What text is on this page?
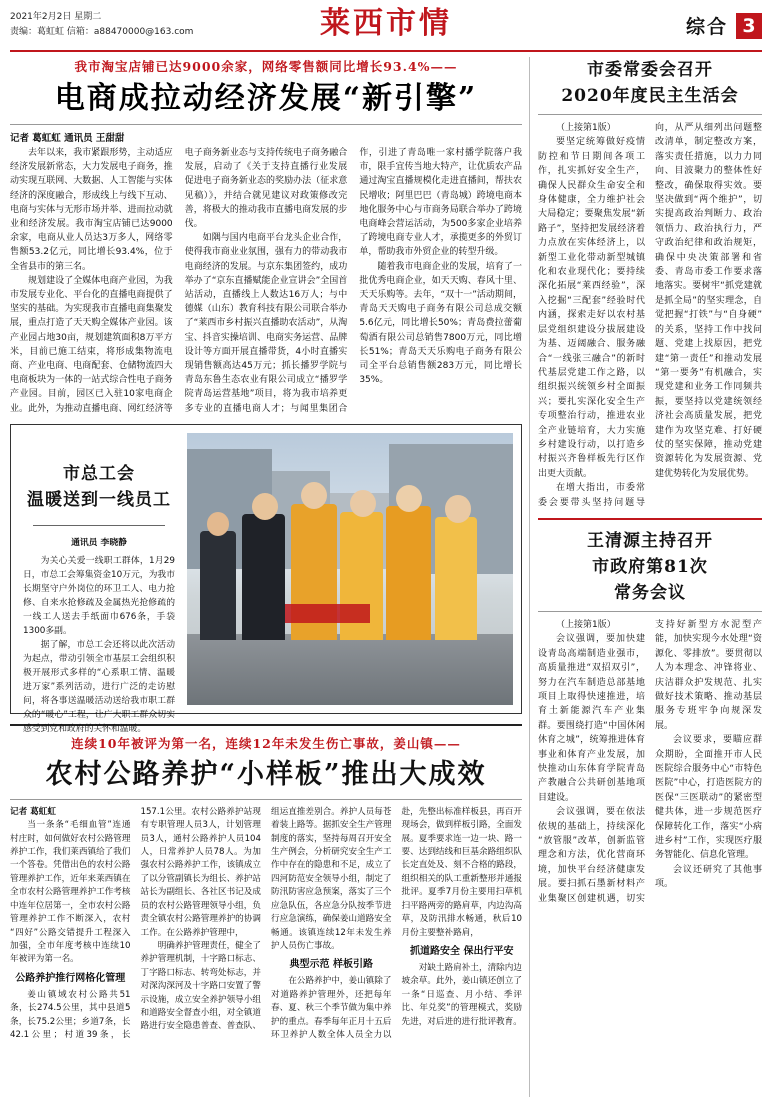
2021年2月2日 星期二
责编：葛虹虹 信箱：a88470000@163.com	莱西市情	综合 3
我市淘宝店铺已达9000余家，网络零售额同比增长93.4%——
电商成拉动经济发展“新引擎”
记者 葛虹虹 通讯员 王甜甜

去年以来，我市紧跟形势，主动适应经济发展新常态，大力发展电子商务，推动实现互联网、大数据、人工智能与实体经济的深度融合，形成线上与线下互动、电商与实体与无形市场并举、进而拉动就业和经济发展。我市淘宝店铺已达9000余家，电商从业人员达3万多人，网络零售额53.2亿元，同比增长93.4%，位于全省县市的第三名。

规划建设了全媒体电商产业园，为我市发展专业化、平台化的直播电商提供了坚实的基础。为实现我市直播电商集聚发展，重点打造了天天购全媒体产业园。该产业园占地30亩，规划建筑面积8万平方米，目前已施工结束，将形成集物流电商、产业电商、电商配套、仓储物流四大电商板块为一体的一站式综合性电子商务产业园。目前，园区已入驻10家电商企业。此外，为推动直播电商、网红经济等电子商务新业态与支持传统电子商务融合发展，启动了《关于支持直播行业发展 促进电子商务新业态的奖励办法（征求意见稿）》，并结合就见建议对政策修改完善，将极大的推动我市直播电商发展的步伐。

如隅与国内电商平台龙头企业合作，使得我市商业业氛围，强有力的带动我市电商经济的发展。与京东集团签约，成功举办了“京东直播赋能企业宣讲会”全国首站活动，直播线上人数达16万人；与中德媒（山东）教育科技有限公司联合举办了“莱西市乡村振兴直播助农活动”，从淘宝、抖音实操培训、电商实务运营、品牌设计等方面开展直播带货，4小时直播实现销售额高达45万元；抓长播罗学院与青岛东鲁生态农业有限公司成立“播罗学院青岛运营基地”项目，将为我市培养更多专业的直播电商人才；与闻里集团合作，引进了青岛唯一家村播学院落户我市，限手宜传当地大特产，让优质农产品通过淘宝直播规模化走进直播间，帮扶农民增收；阿里巴巴（青岛城）跨境电商本地化服务中心与市商务局联合举办了跨境电商峰会营运活动，为500多家企业培养了跨境电商专业人才，承揽更多的外贸订单，帮助我市外贸企业的转型升级。

随着我市电商企业的发展，培育了一批优秀电商企业，如天天购、春风十里、天天乐购等。去年，“双十一”活动期间，青岛天天购电子商务有限公司总成交额5.6亿元，同比增长50%；青岛费拉蕾葡萄酒有限公司总销售7800万元，同比增长51%；青岛天天乐购电子商务有限公司全平台总销售额283万元，同比增长35%。

市总工会
温暖送到一线员工

通讯员 李晓静

为关心关爱一线职工群体，1月29日，市总工会筹集资金10万元，为我市长期坚守户外岗位的环卫工人、电力抢修、自来水抢修疏及金属热光抢修疏的一线工人送去手纸面巾676条，手袋1300多副。

据了解，市总工会还将以此次活动为起点，带动引领全市基层工会组织积极开展形式多样的“心系职工情、温暖进万家”系列活动，进行广泛的走访慰问，将各事送温暖活动送给我市职工群众的“暖心”工程，让广大职工群众切实感受到党和政府的关怀和温暖。

连续10年被评为第一名，连续12年未发生伤亡事故，姜山镇——
农村公路养护“小样板”推出大成效

记者 葛虹虹

当一条条“毛细血管”连通村庄时，如何做好农村公路管理养护工作，我们莱西镇给了我们一个答卷。凭借出色的农村公路管理养护工作，近年来莱西镇在全市农村公路管理养护工作考核中连年位居第一，全市农村公路管理养护工作不断深入，农村“四好”公路交错提升工程深入加强，全市年度考核中连续10年被评为第一名。

公路养护推行网格化管理

姜山镇域农村公路共51条，长274.5公里，其中县道5条，长75.2公里；乡道7条，长42.1公里；村道39条，长157.1公里。农村公路养护站现有专职管理人员3人，计划管理员3人，通村公路养护人员104人，日常养护人员78人。为加强农村公路养护工作，该镇成立了以分管副镇长为组长、养护站站长为副组长、各社区书记及成员的农村公路管理领导小组，负责全镇农村公路管理养护的协调工作。在公路养护管理中，

明确养护管理责任，健全了养护管理机制，十字路口标志、丁字路口标志、转弯处标志，并对深沟深河及十字路口安置了警示设施，成立安全养护领导小组和道路安全督查小组，对全镇道路进行安全隐患普查、普查队、组运直推差别合。养护人员每苍着装上路等。据抓安全生产管理制度的落实，坚持每周召开安全生产例会，分析研究安全生产工作中存在的隐患和不足，成立了四河防范安全领导小组，制定了防汛防害应急预案，落实了三个应急队伍，各应急分队按季节进行应急演练，确保姜山道路安全畅通。该镇连续12年未发生养护人员伤亡事故。

典型示范 样板引路

在公路养护中，姜山镇除了对道路养护管理外，还把每年春、夏、秋三个季节做为集中养护的重点。春季每年正月十五后环卫养护人数全体人员全力以赴，先整出标准样板县，再百开现场会，做到样板引路，全面发展。夏季要求连一边一块、路一要、达到结线和巨基余路组织队长定直处及、刻不合格的路段，组织相关的队工重新整形并通报批评。夏季7月份主要用扫草机扫平路两旁的路肩草，内边沟高草，及防汛排水畅通，秋后10月份主要整补路肩，

抓道路安全 保出行平安

对缺土路肩补土，清除内边坡余草。此外，姜山镇还创立了一条“日巡查、月小结、季评比、年兑奖”的管理模式，奖励先进，对后进的进行批评教育。

市委常委会召开
2020年度民主生活会

（上接第1版）

要坚定统筹做好疫情防控和节日期间各项工作，扎实抓好安全生产，确保人民群众生命安全和身体健康，全力维护社会大局稳定；要聚焦发展“新路子”，坚持把发展经济着力点放在实体经济上，以新型工业化带动新型城镇化和农业现代化；要持续深化拓展“莱西经验”，深入挖掘“三配套”经验时代内涵，探索走好以农村基层党组织建设分拔展建设为基、迈阔融合、服务融合“一线张三融合”的新时代基层党建工作之路，以组织振兴统领乡村全面振兴；要扎实深化安全生产专项整治行动，推进农业全产业链培育，大力实施乡村建设行动，以打造乡村振兴齐鲁样板先行区作出更大贡献。

在增大指出，市委常委会要带头坚持问题导向，从严从细列出问题整改清单，制定整改方案，落实责任措施，以力力同向、目波聚力的整体性好整改，确保取得实效。要坚决做到“两个维护”，切实提高政治判断力、政治领悟力、政治执行力，严守政治纪律和政治规矩，确保中央决策部署和省委、青岛市委工作要求落地落实。要树牢“抓党建就是抓全局”的坚实理念，自觉把握“打铁”与“自身硬”的关系，坚持工作中找问题、党建上找原因，把党建“第一责任”和推动发展“第一要务”有机融合，实现党建和业务工作同频共振，要坚持以党建统领经济社会高质量发展，把党建作为攻坚克难、打好硬仗的坚实保障，推动党建资源转化为发展资源、党建优势转化为发展优势。

王清源主持召开
市政府第81次
常务会议

（上接第1版）

会议强调，要加快建设青岛高端制造业强市，高质量推进“双招双引”，努力在汽车制造总部基地项目上取得快速推进，培育土新能源汽车产业集群。要围绕打造“中国休闲休育之城”，统筹推进体育事业和体育产业发展，加快推动山东体育学院青岛产教融合公共研创基地项目建设。

会议强调，要在依法依规的基础上，持续深化“放管服”改革，创新监管理念和方法，优化营商环境，加快平台经济健康发展。要扫抓石墨新材料产业集聚区创建机遇，切实支持好新型方水泥型产能，加快实现今水处理“资源化、零排放”。要贯彻以人为本理念、冲锋将业、庆洁群众护发规范、扎实做好技术策略、推动基层服务专班牢争向规深发展。

会议要求，要瞄应群众期盼，全面推开市人民医院综合服务中心“市特色医院”中心，打造医院方的医保“三医联动”的紧密型健共体，进一步规范医疗保障转化工作，落实“小病进乡村”工作，实现医疗服务智能化、信息化管理。

会议还研究了其他事项。
